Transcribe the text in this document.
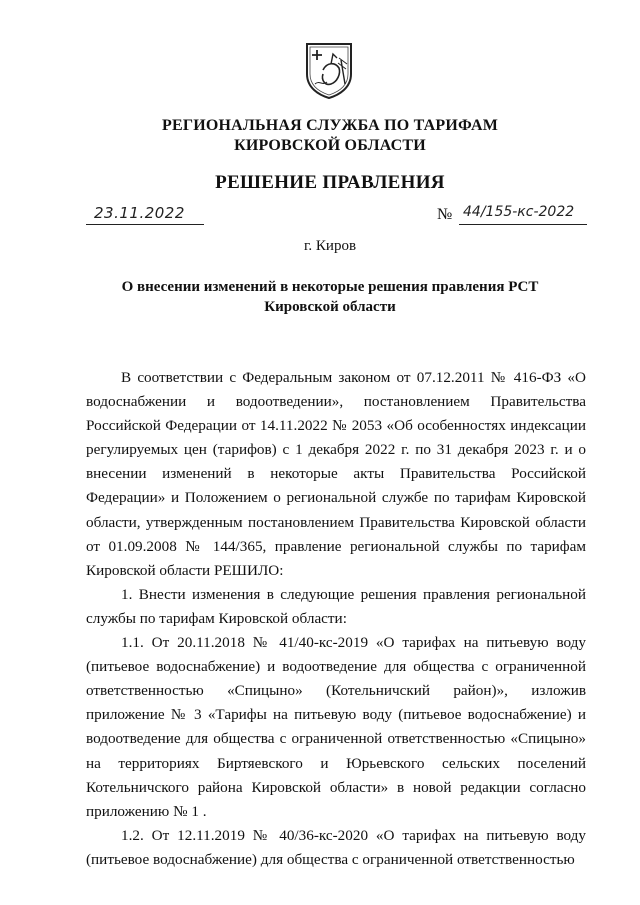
РЕГИОНАЛЬНАЯ СЛУЖБА ПО ТАРИФАМ
КИРОВСКОЙ ОБЛАСТИ
РЕШЕНИЕ ПРАВЛЕНИЯ
23.11.2022	№ 44/155-кс-2022
г. Киров
О внесении изменений в некоторые решения правления РСТ Кировской области

В соответствии с Федеральным законом от 07.12.2011 № 416-ФЗ «О водоснабжении и водоотведении», постановлением Правительства Российской Федерации от 14.11.2022 № 2053 «Об особенностях индексации регулируемых цен (тарифов) с 1 декабря 2022 г. по 31 декабря 2023 г. и о внесении изменений в некоторые акты Правительства Российской Федерации» и Положением о региональной службе по тарифам Кировской области, утвержденным постановлением Правительства Кировской области от 01.09.2008 № 144/365, правление региональной службы по тарифам Кировской области РЕШИЛО:

1. Внести изменения в следующие решения правления региональной службы по тарифам Кировской области:

1.1. От 20.11.2018 № 41/40-кс-2019 «О тарифах на питьевую воду (питьевое водоснабжение) и водоотведение для общества с ограниченной ответственностью «Спицыно» (Котельничский район)», изложив приложение № 3 «Тарифы на питьевую воду (питьевое водоснабжение) и водоотведение для общества с ограниченной ответственностью «Спицыно» на территориях Биртяевского и Юрьевского сельских поселений Котельничского района Кировской области» в новой редакции согласно приложению № 1 .

1.2. От 12.11.2019 № 40/36-кс-2020 «О тарифах на питьевую воду (питьевое водоснабжение) для общества с ограниченной ответственностью
